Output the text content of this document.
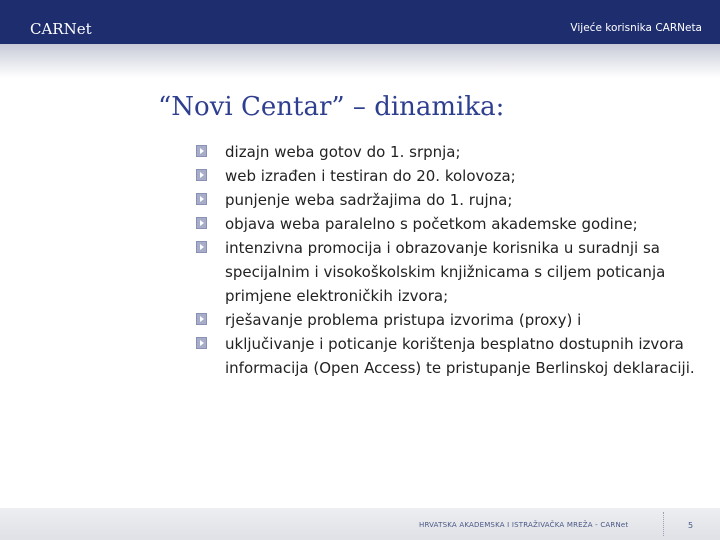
CARNet	Vijeće korisnika CARNeta
“Novi Centar” – dinamika:
dizajn weba gotov do 1. srpnja;
web izrađen i testiran do 20. kolovoza;
punjenje weba sadržajima do 1. rujna;
objava weba paralelno s početkom akademske godine;
intenzivna promocija i obrazovanje korisnika u suradnji sa specijalnim i visokoškolskim knjižnicama s ciljem poticanja primjene elektroničkih izvora;
rješavanje problema pristupa izvorima (proxy) i
uključivanje i poticanje korištenja besplatno dostupnih izvora informacija (Open Access) te pristupanje Berlinskoj deklaraciji.
HRVATSKA AKADEMSKA I ISTRAŽIVAČKA MREŽA - CARNet	5
